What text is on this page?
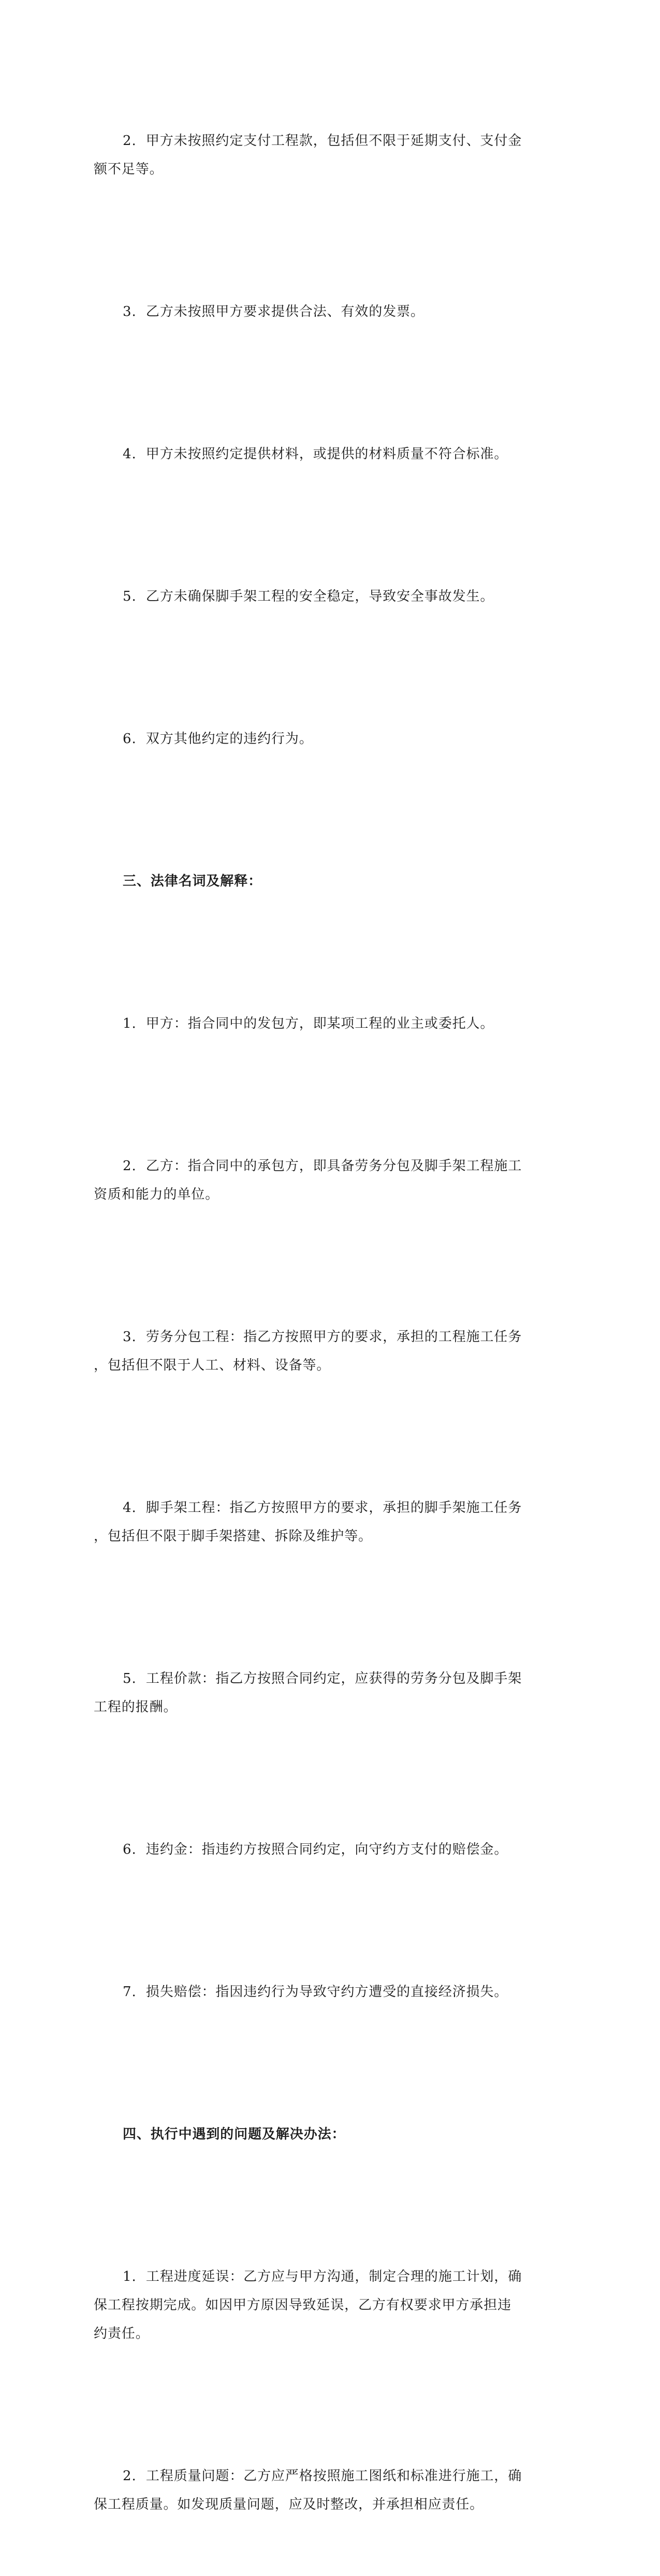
2.  甲方未按照约定支付工程款，包括但不限于延期支付、支付金
额不足等。

3.  乙方未按照甲方要求提供合法、有效的发票。

4.  甲方未按照约定提供材料，或提供的材料质量不符合标准。

5.  乙方未确保脚手架工程的安全稳定，导致安全事故发生。

6.  双方其他约定的违约行为。

三、法律名词及解释：

1.  甲方：指合同中的发包方，即某项工程的业主或委托人。

2.  乙方：指合同中的承包方，即具备劳务分包及脚手架工程施工
资质和能力的单位。

3.  劳务分包工程：指乙方按照甲方的要求，承担的工程施工任务
，包括但不限于人工、材料、设备等。

4.  脚手架工程：指乙方按照甲方的要求，承担的脚手架施工任务
，包括但不限于脚手架搭建、拆除及维护等。

5.  工程价款：指乙方按照合同约定，应获得的劳务分包及脚手架
工程的报酬。

6.  违约金：指违约方按照合同约定，向守约方支付的赔偿金。

7.  损失赔偿：指因违约行为导致守约方遭受的直接经济损失。

四、执行中遇到的问题及解决办法：

1.  工程进度延误：乙方应与甲方沟通，制定合理的施工计划，确
保工程按期完成。如因甲方原因导致延误，乙方有权要求甲方承担违
约责任。

2.  工程质量问题：乙方应严格按照施工图纸和标准进行施工，确
保工程质量。如发现质量问题，应及时整改，并承担相应责任。
